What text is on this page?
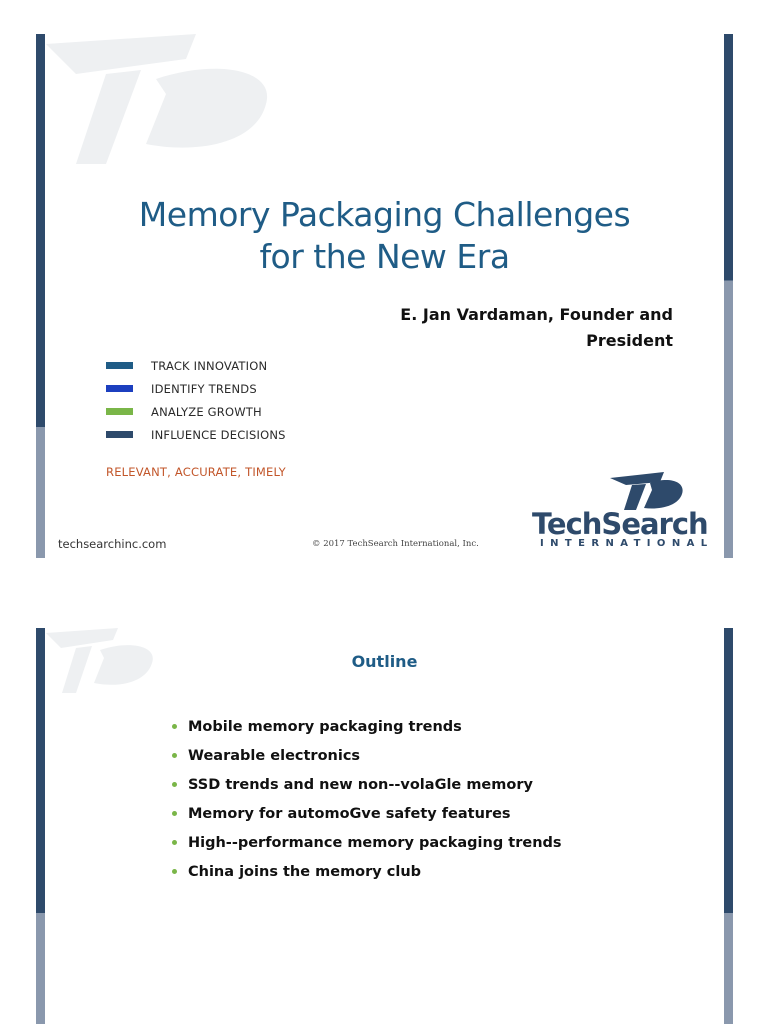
Memory Packaging Challenges
for the New Era
E. Jan Vardaman, Founder and
President
TRACK INNOVATION
IDENTIFY TRENDS
ANALYZE GROWTH
INFLUENCE DECISIONS
RELEVANT, ACCURATE, TIMELY
techsearchinc.com	© 2017 TechSearch International, Inc.
TechSearch
INTERNATIONAL
Outline
Mobile memory packaging trends
Wearable electronics
SSD trends and new non--volaGle memory
Memory for automoGve safety features
High--performance memory packaging trends
China joins the memory club
